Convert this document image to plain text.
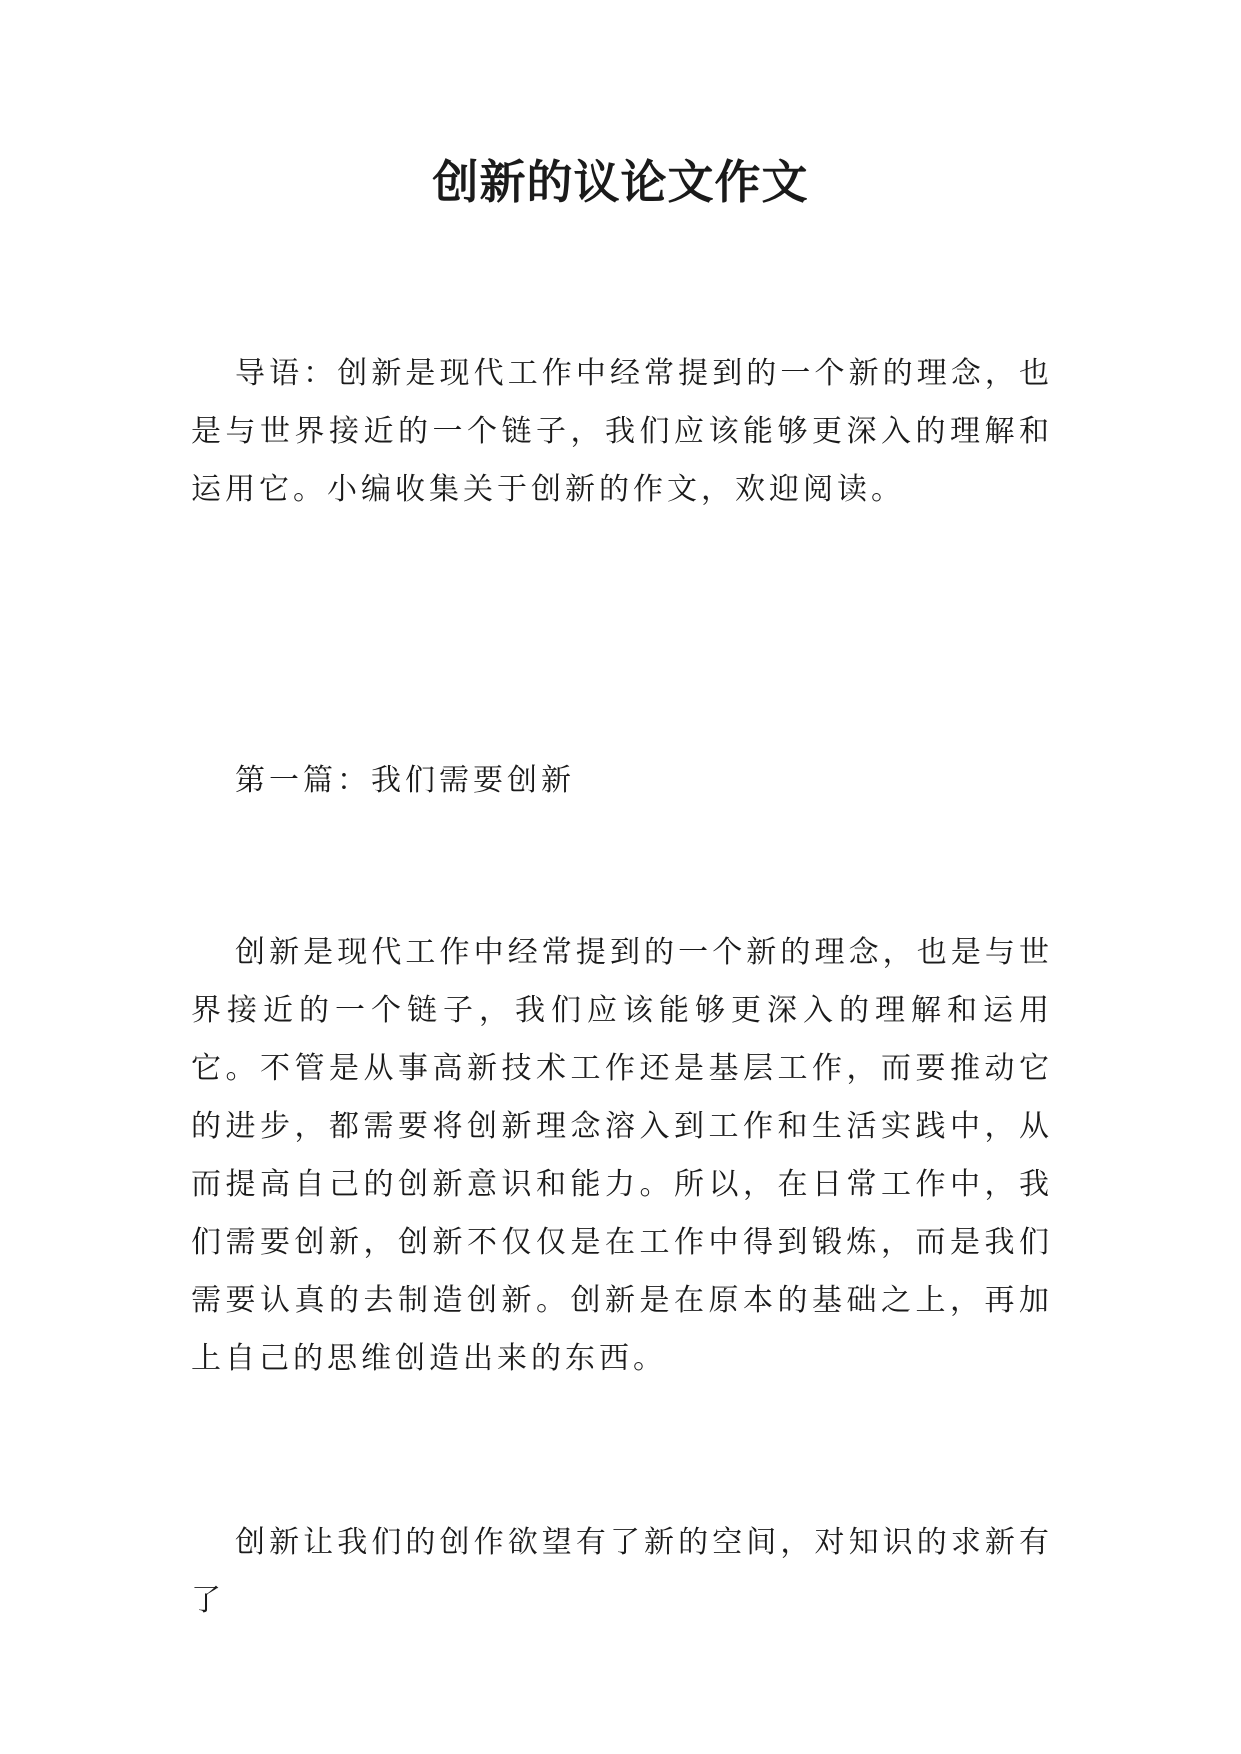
创新的议论文作文

导语：创新是现代工作中经常提到的一个新的理念，也是与世界接近的一个链子，我们应该能够更深入的理解和运用它。小编收集关于创新的作文，欢迎阅读。

第一篇：我们需要创新

创新是现代工作中经常提到的一个新的理念，也是与世界接近的一个链子，我们应该能够更深入的理解和运用它。不管是从事高新技术工作还是基层工作，而要推动它的进步，都需要将创新理念溶入到工作和生活实践中，从而提高自己的创新意识和能力。所以，在日常工作中，我们需要创新，创新不仅仅是在工作中得到锻炼，而是我们需要认真的去制造创新。创新是在原本的基础之上，再加上自己的思维创造出来的东西。

创新让我们的创作欲望有了新的空间，对知识的求新有了
